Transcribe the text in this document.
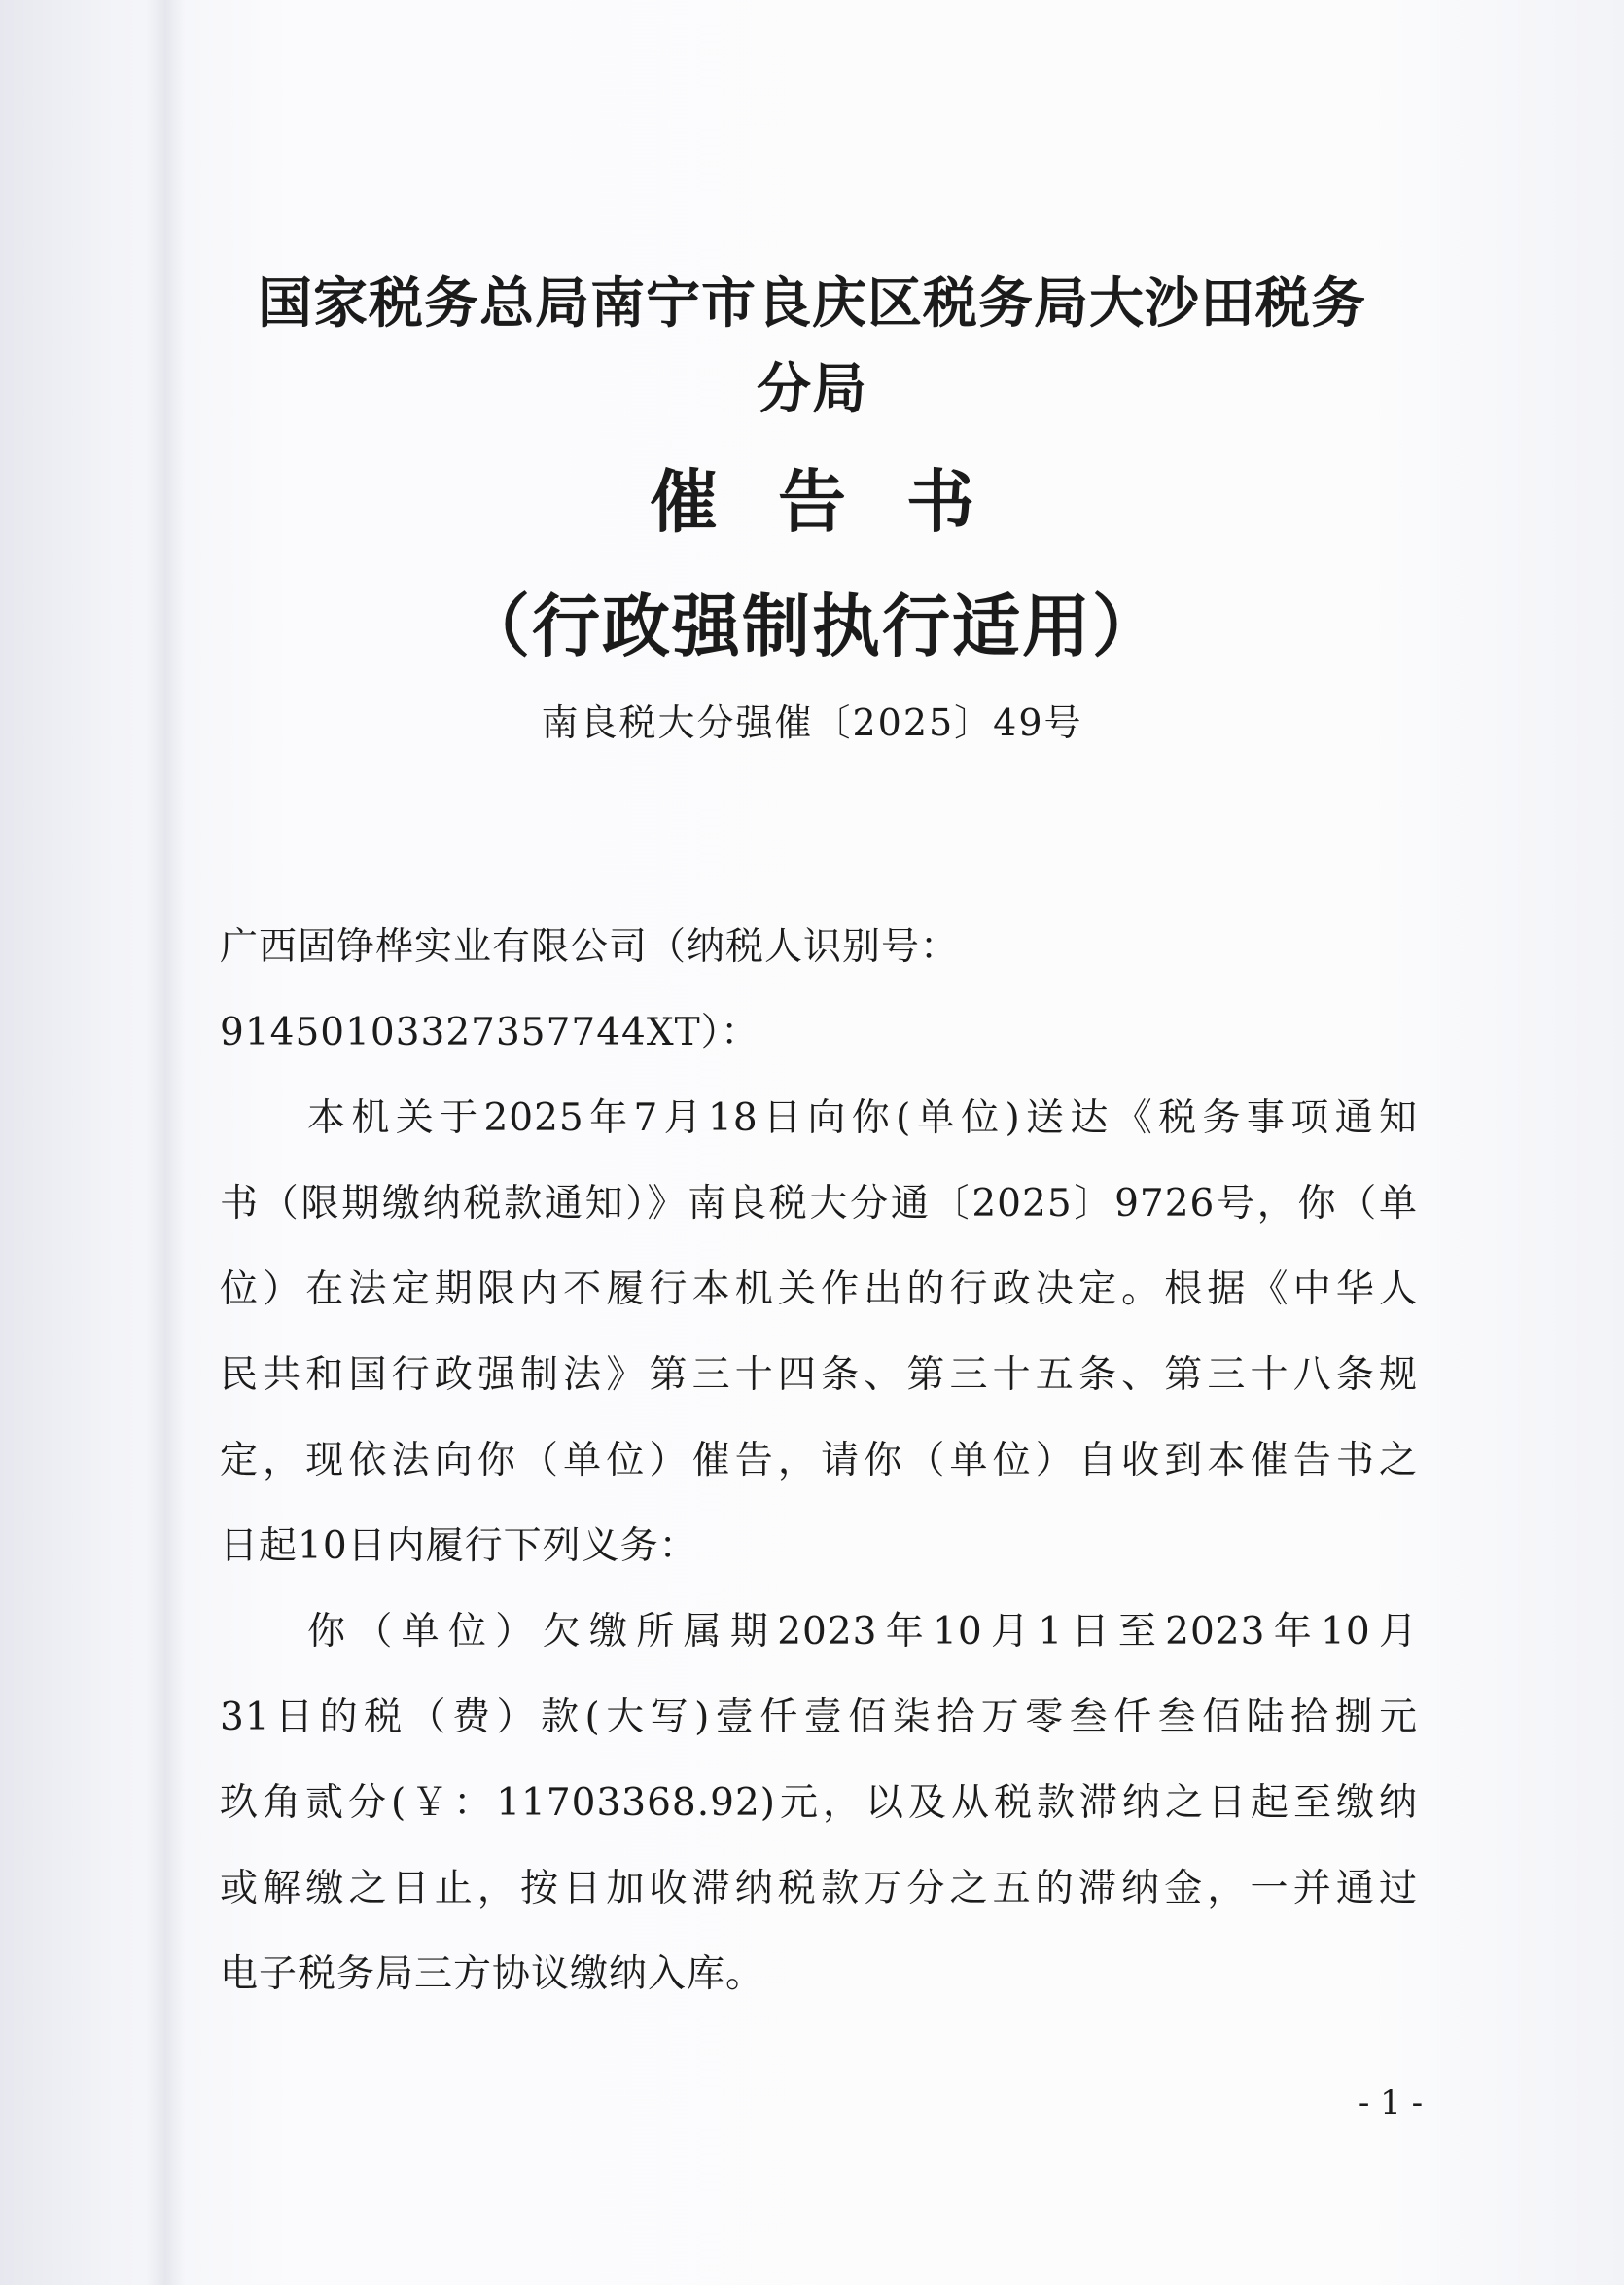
国家税务总局南宁市良庆区税务局大沙田税务
分局
催告书
（行政强制执行适用）
南良税大分强催〔2025〕49号
广西固铮桦实业有限公司（纳税人识别号：
91450103327357744XT）：
本机关于2025年7月18日向你(单位)送达《税务事项通知
书（限期缴纳税款通知）》南良税大分通〔2025〕9726号，你（单
位）在法定期限内不履行本机关作出的行政决定。根据《中华人
民共和国行政强制法》第三十四条、第三十五条、第三十八条规
定，现依法向你（单位）催告，请你（单位）自收到本催告书之
日起10日内履行下列义务：
你（单位）欠缴所属期2023年10月1日至2023年10月
31日的税（费）款(大写)壹仟壹佰柒拾万零叁仟叁佰陆拾捌元
玖角贰分(￥：11703368.92)元，以及从税款滞纳之日起至缴纳
或解缴之日止，按日加收滞纳税款万分之五的滞纳金，一并通过
电子税务局三方协议缴纳入库。
- 1 -
